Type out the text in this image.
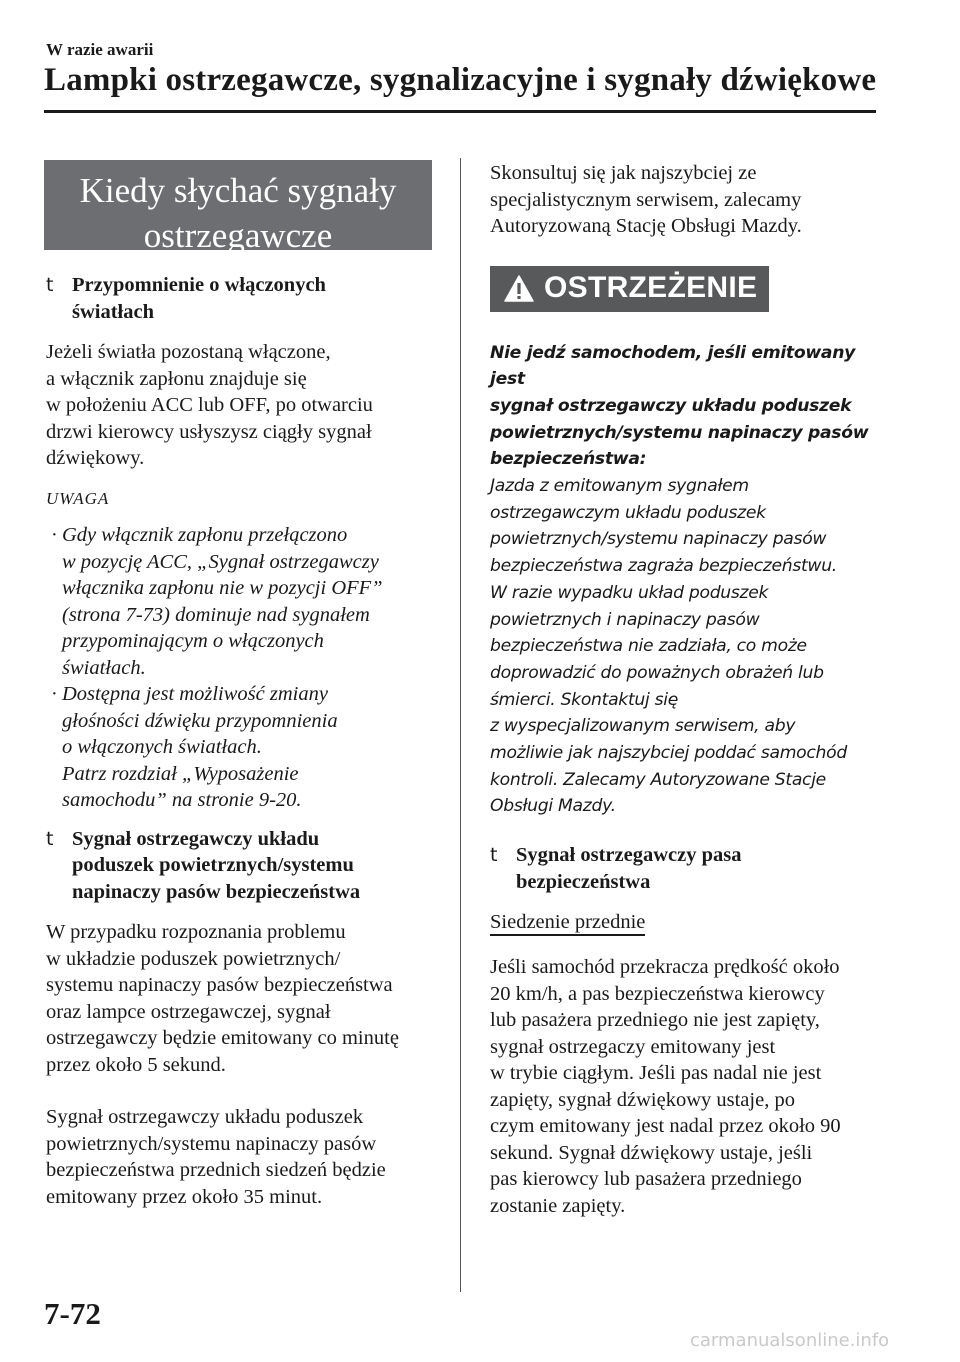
W razie awarii
Lampki ostrzegawcze, sygnalizacyjne i sygnały dźwiękowe
Kiedy słychać sygnały
ostrzegawcze
t Przypomnienie o włączonych
światłach
Jeżeli światła pozostaną włączone,
a włącznik zapłonu znajduje się
w położeniu ACC lub OFF, po otwarciu
drzwi kierowcy usłyszysz ciągły sygnał
dźwiękowy.
UWAGA
· Gdy włącznik zapłonu przełączono
w pozycję ACC, „Sygnał ostrzegawczy
włącznika zapłonu nie w pozycji OFF”
(strona 7-73) dominuje nad sygnałem
przypominającym o włączonych
światłach.
· Dostępna jest możliwość zmiany
głośności dźwięku przypomnienia
o włączonych światłach.
Patrz rozdział „Wyposażenie
samochodu” na stronie 9-20.
t Sygnał ostrzegawczy układu
poduszek powietrznych/systemu
napinaczy pasów bezpieczeństwa
W przypadku rozpoznania problemu
w układzie poduszek powietrznych/
systemu napinaczy pasów bezpieczeństwa
oraz lampce ostrzegawczej, sygnał
ostrzegawczy będzie emitowany co minutę
przez około 5 sekund.
Sygnał ostrzegawczy układu poduszek
powietrznych/systemu napinaczy pasów
bezpieczeństwa przednich siedzeń będzie
emitowany przez około 35 minut.
Skonsultuj się jak najszybciej ze
specjalistycznym serwisem, zalecamy
Autoryzowaną Stację Obsługi Mazdy.
OSTRZEŻENIE
Nie jedź samochodem, jeśli emitowany jest
sygnał ostrzegawczy układu poduszek
powietrznych/systemu napinaczy pasów
bezpieczeństwa:
Jazda z emitowanym sygnałem
ostrzegawczym układu poduszek
powietrznych/systemu napinaczy pasów
bezpieczeństwa zagraża bezpieczeństwu.
W razie wypadku układ poduszek
powietrznych i napinaczy pasów
bezpieczeństwa nie zadziała, co może
doprowadzić do poważnych obrażeń lub
śmierci. Skontaktuj się
z wyspecjalizowanym serwisem, aby
możliwie jak najszybciej poddać samochód
kontroli. Zalecamy Autoryzowane Stacje
Obsługi Mazdy.
t Sygnał ostrzegawczy pasa
bezpieczeństwa
Siedzenie przednie
Jeśli samochód przekracza prędkość około
20 km/h, a pas bezpieczeństwa kierowcy
lub pasażera przedniego nie jest zapięty,
sygnał ostrzegaczy emitowany jest
w trybie ciągłym. Jeśli pas nadal nie jest
zapięty, sygnał dźwiękowy ustaje, po
czym emitowany jest nadal przez około 90
sekund. Sygnał dźwiękowy ustaje, jeśli
pas kierowcy lub pasażera przedniego
zostanie zapięty.
7-72
carmanualsonline.info
